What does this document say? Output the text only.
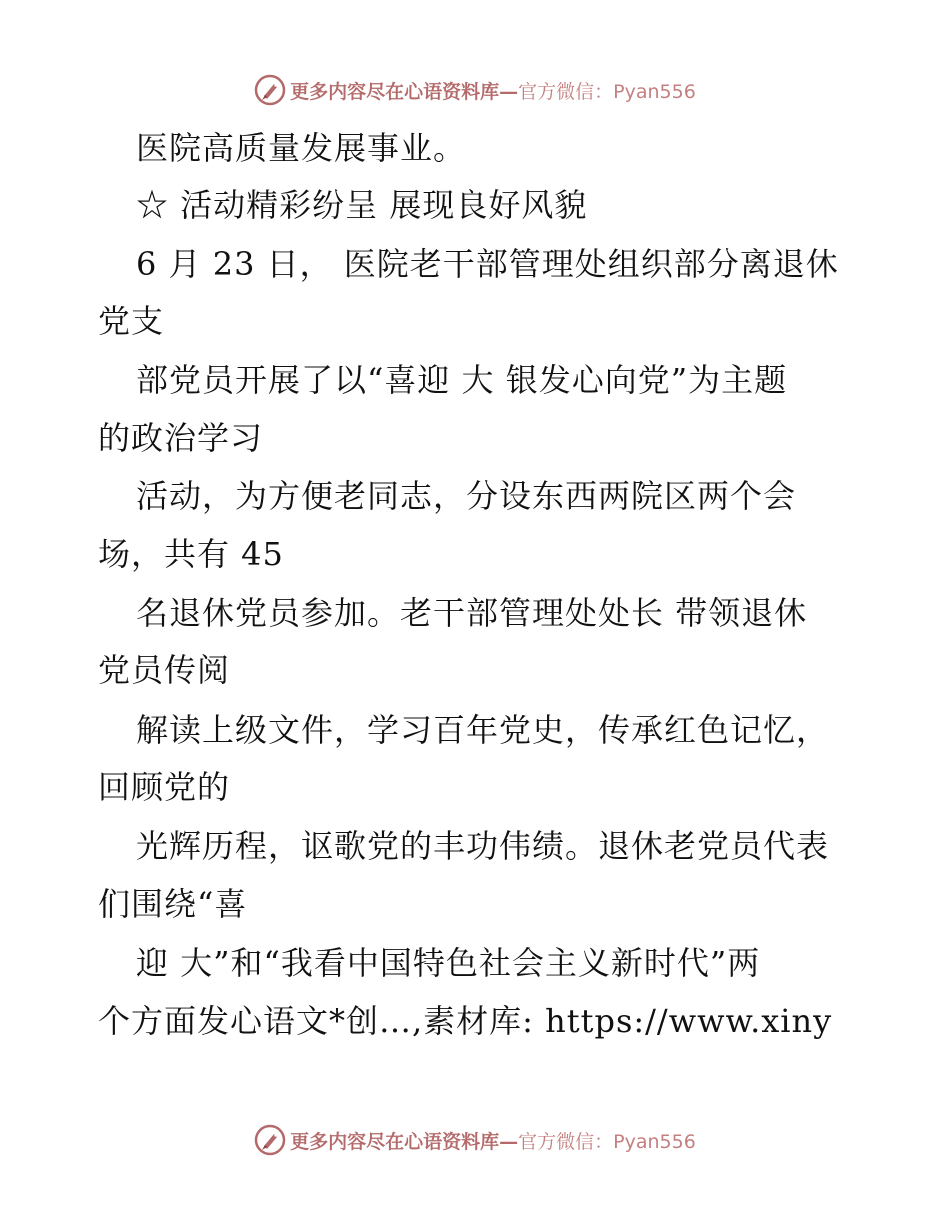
更多内容尽在心语资料库— 官方微信：Pyan556
医院高质量发展事业。
☆ 活动精彩纷呈 展现良好风貌
6 月 23 日， 医院老干部管理处组织部分离退休
党支
部党员开展了以“喜迎 大 银发心向党”为主题
的政治学习
活动，为方便老同志，分设东西两院区两个会
场，共有 45
名退休党员参加。老干部管理处处长 带领退休
党员传阅
解读上级文件，学习百年党史，传承红色记忆，
回顾党的
光辉历程，讴歌党的丰功伟绩。退休老党员代表
们围绕“喜
迎 大”和“我看中国特色社会主义新时代”两
个方面发心语文*创…,素材库: https://www.xiny
更多内容尽在心语资料库— 官方微信：Pyan556
